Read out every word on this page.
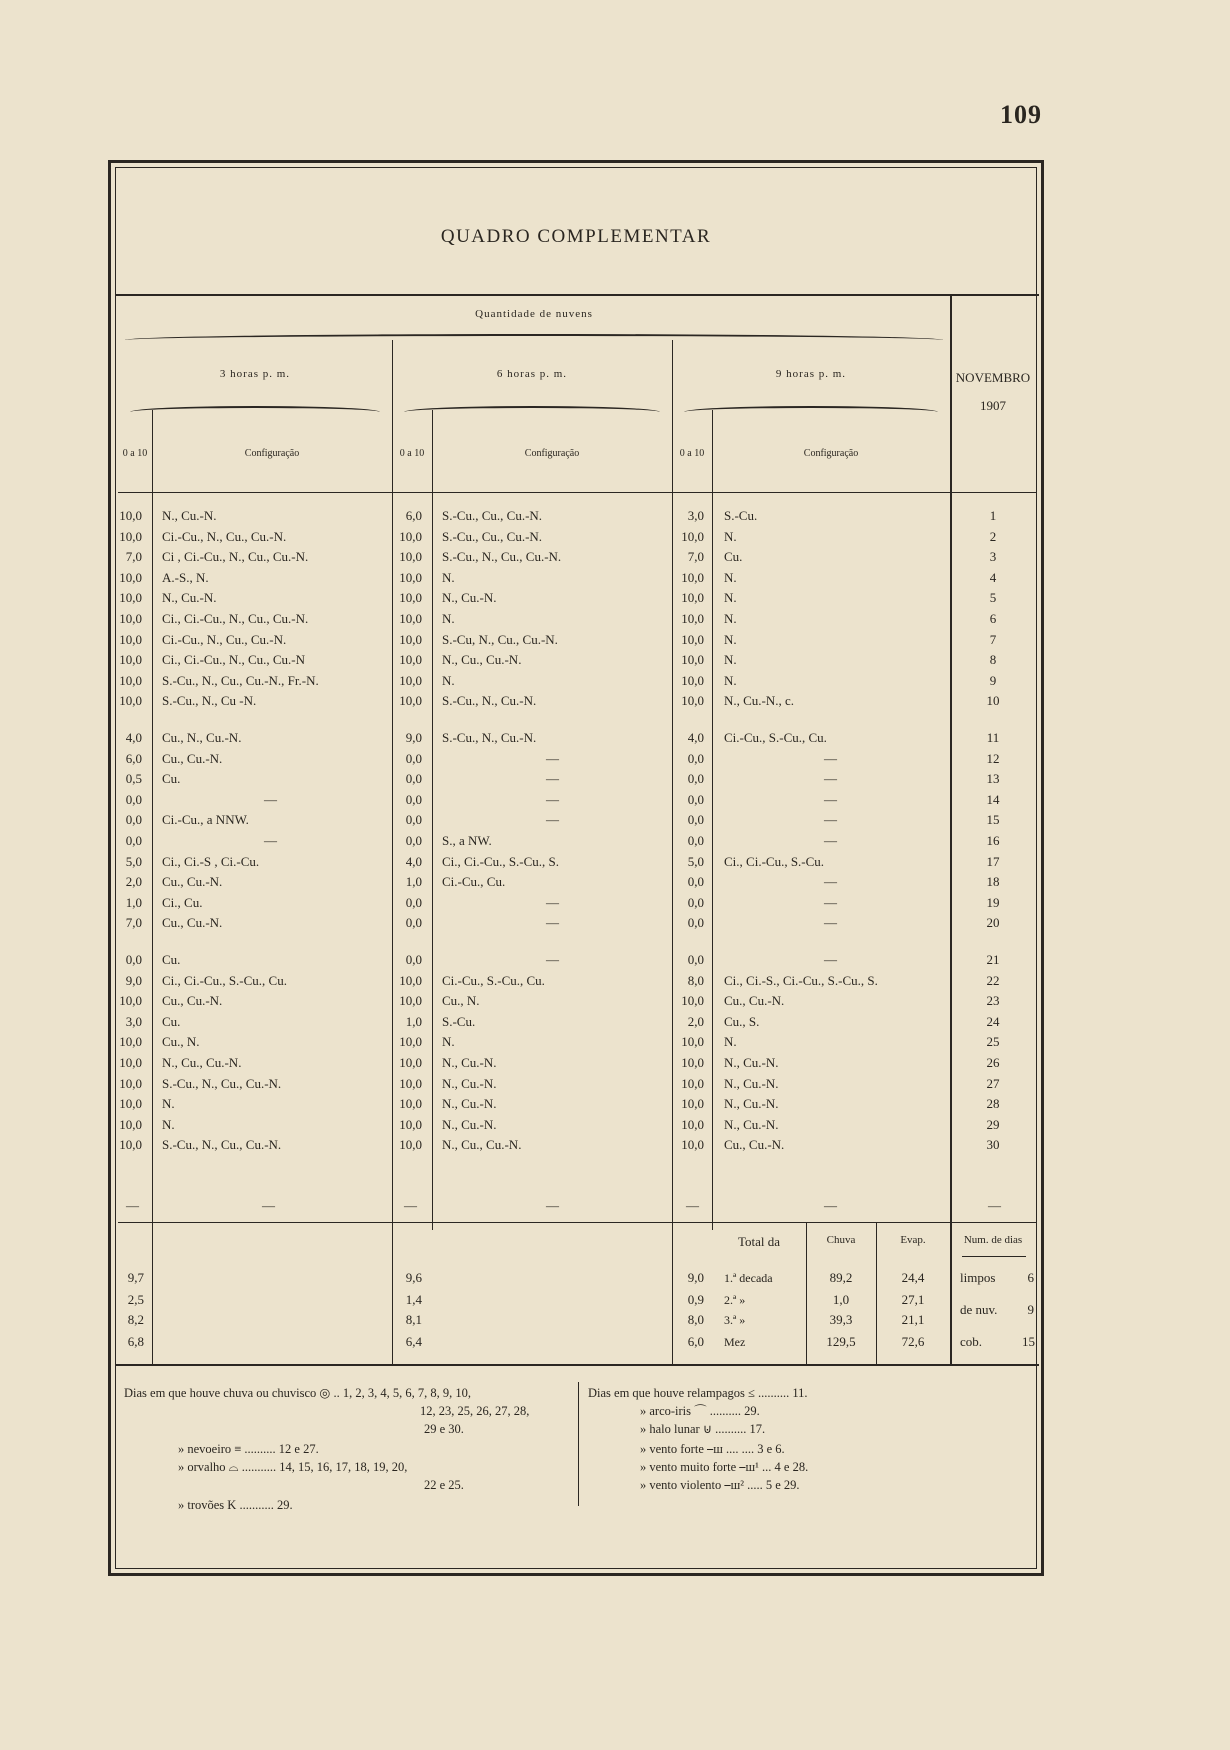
109
QUADRO COMPLEMENTAR
Quantidade de nuvens
3 horas p. m.	6 horas p. m.	9 horas p. m.
0 a 10	Configuração	0 a 10	Configuração	0 a 10	Configuração
NOVEMBRO
1907
10,0 N., Cu.-N.	6,0 S.-Cu., Cu., Cu.-N.	3,0 S.-Cu.	1
10,0 Ci.-Cu., N., Cu., Cu.-N.	10,0 S.-Cu., Cu., Cu.-N.	10,0 N.	2
7,0 Ci , Ci.-Cu., N., Cu., Cu.-N.	10,0 S.-Cu., N., Cu., Cu.-N.	7,0 Cu.	3
10,0 A.-S., N.	10,0 N.	10,0 N.	4
10,0 N., Cu.-N.	10,0 N., Cu.-N.	10,0 N.	5
10,0 Ci., Ci.-Cu., N., Cu., Cu.-N.	10,0 N.	10,0 N.	6
10,0 Ci.-Cu., N., Cu., Cu.-N.	10,0 S.-Cu, N., Cu., Cu.-N.	10,0 N.	7
10,0 Ci., Ci.-Cu., N., Cu., Cu.-N	10,0 N., Cu., Cu.-N.	10,0 N.	8
10,0 S.-Cu., N., Cu., Cu.-N., Fr.-N.	10,0 N.	10,0 N.	9
10,0 S.-Cu., N., Cu -N.	10,0 S.-Cu., N., Cu.-N.	10,0 N., Cu.-N., c.	10
4,0 Cu., N., Cu.-N.	9,0 S.-Cu., N., Cu.-N.	4,0 Ci.-Cu., S.-Cu., Cu.	11
6,0 Cu., Cu.-N.	0,0	—	0,0	—	12
0,5 Cu.	0,0	—	0,0	—	13
0,0	—	0,0	—	0,0	—	14
0,0 Ci.-Cu., a NNW.	0,0	—	0,0	—	15
0,0	—	0,0 S., a NW.	0,0	—	16
5,0 Ci., Ci.-S , Ci.-Cu.	4,0 Ci., Ci.-Cu., S.-Cu., S.	5,0 Ci., Ci.-Cu., S.-Cu.	17
2,0 Cu., Cu.-N.	1,0 Ci.-Cu., Cu.	0,0	—	18
1,0 Ci., Cu.	0,0	—	0,0	—	19
7,0 Cu., Cu.-N.	0,0	—	0,0	—	20
0,0 Cu.	0,0	—	0,0	—	21
9,0 Ci., Ci.-Cu., S.-Cu., Cu.	10,0 Ci.-Cu., S.-Cu., Cu.	8,0 Ci., Ci.-S., Ci.-Cu., S.-Cu., S.	22
10,0 Cu., Cu.-N.	10,0 Cu., N.	10,0 Cu., Cu.-N.	23
3,0 Cu.	1,0 S.-Cu.	2,0 Cu., S.	24
10,0 Cu., N.	10,0 N.	10,0 N.	25
10,0 N., Cu., Cu.-N.	10,0 N., Cu.-N.	10,0 N., Cu.-N.	26
10,0 S.-Cu., N., Cu., Cu.-N.	10,0 N., Cu.-N.	10,0 N., Cu.-N.	27
10,0 N.	10,0 N., Cu.-N.	10,0 N., Cu.-N.	28
10,0 N.	10,0 N., Cu.-N.	10,0 N., Cu.-N.	29
10,0 S.-Cu., N., Cu., Cu.-N.	10,0 N., Cu., Cu.-N.	10,0 Cu., Cu.-N.	30
—	—	—	—	—	—	—
Total da	Chuva	Evap.	Num. de dias
9,7	9,6	9,0 1.ª decada	89,2	24,4
2,5	1,4	0,9 2.ª »	1,0	27,1
8,2	8,1	8,0 3.ª »	39,3	21,1
6,8	6,4	6,0 Mez	129,5	72,6
limpos	6
de nuv.	9
cob.	15
Dias em que houve chuva ou chuvisco ◎ .. 1, 2, 3, 4, 5, 6, 7, 8, 9, 10,
12, 23, 25, 26, 27, 28,
29 e 30.
» nevoeiro ≡ .......... 12 e 27.
» orvalho ⌓ ........... 14, 15, 16, 17, 18, 19, 20,
22 e 25.
» trovões K ........... 29.
Dias em que houve relampagos ≤ .......... 11.
» arco-iris ⌒ .......... 29.
» halo lunar ⊍ .......... 17.
» vento forte ⎯ш .... .... 3 e 6.
» vento muito forte ⎯ш¹ ... 4 e 28.
» vento violento ⎯ш² ..... 5 e 29.
